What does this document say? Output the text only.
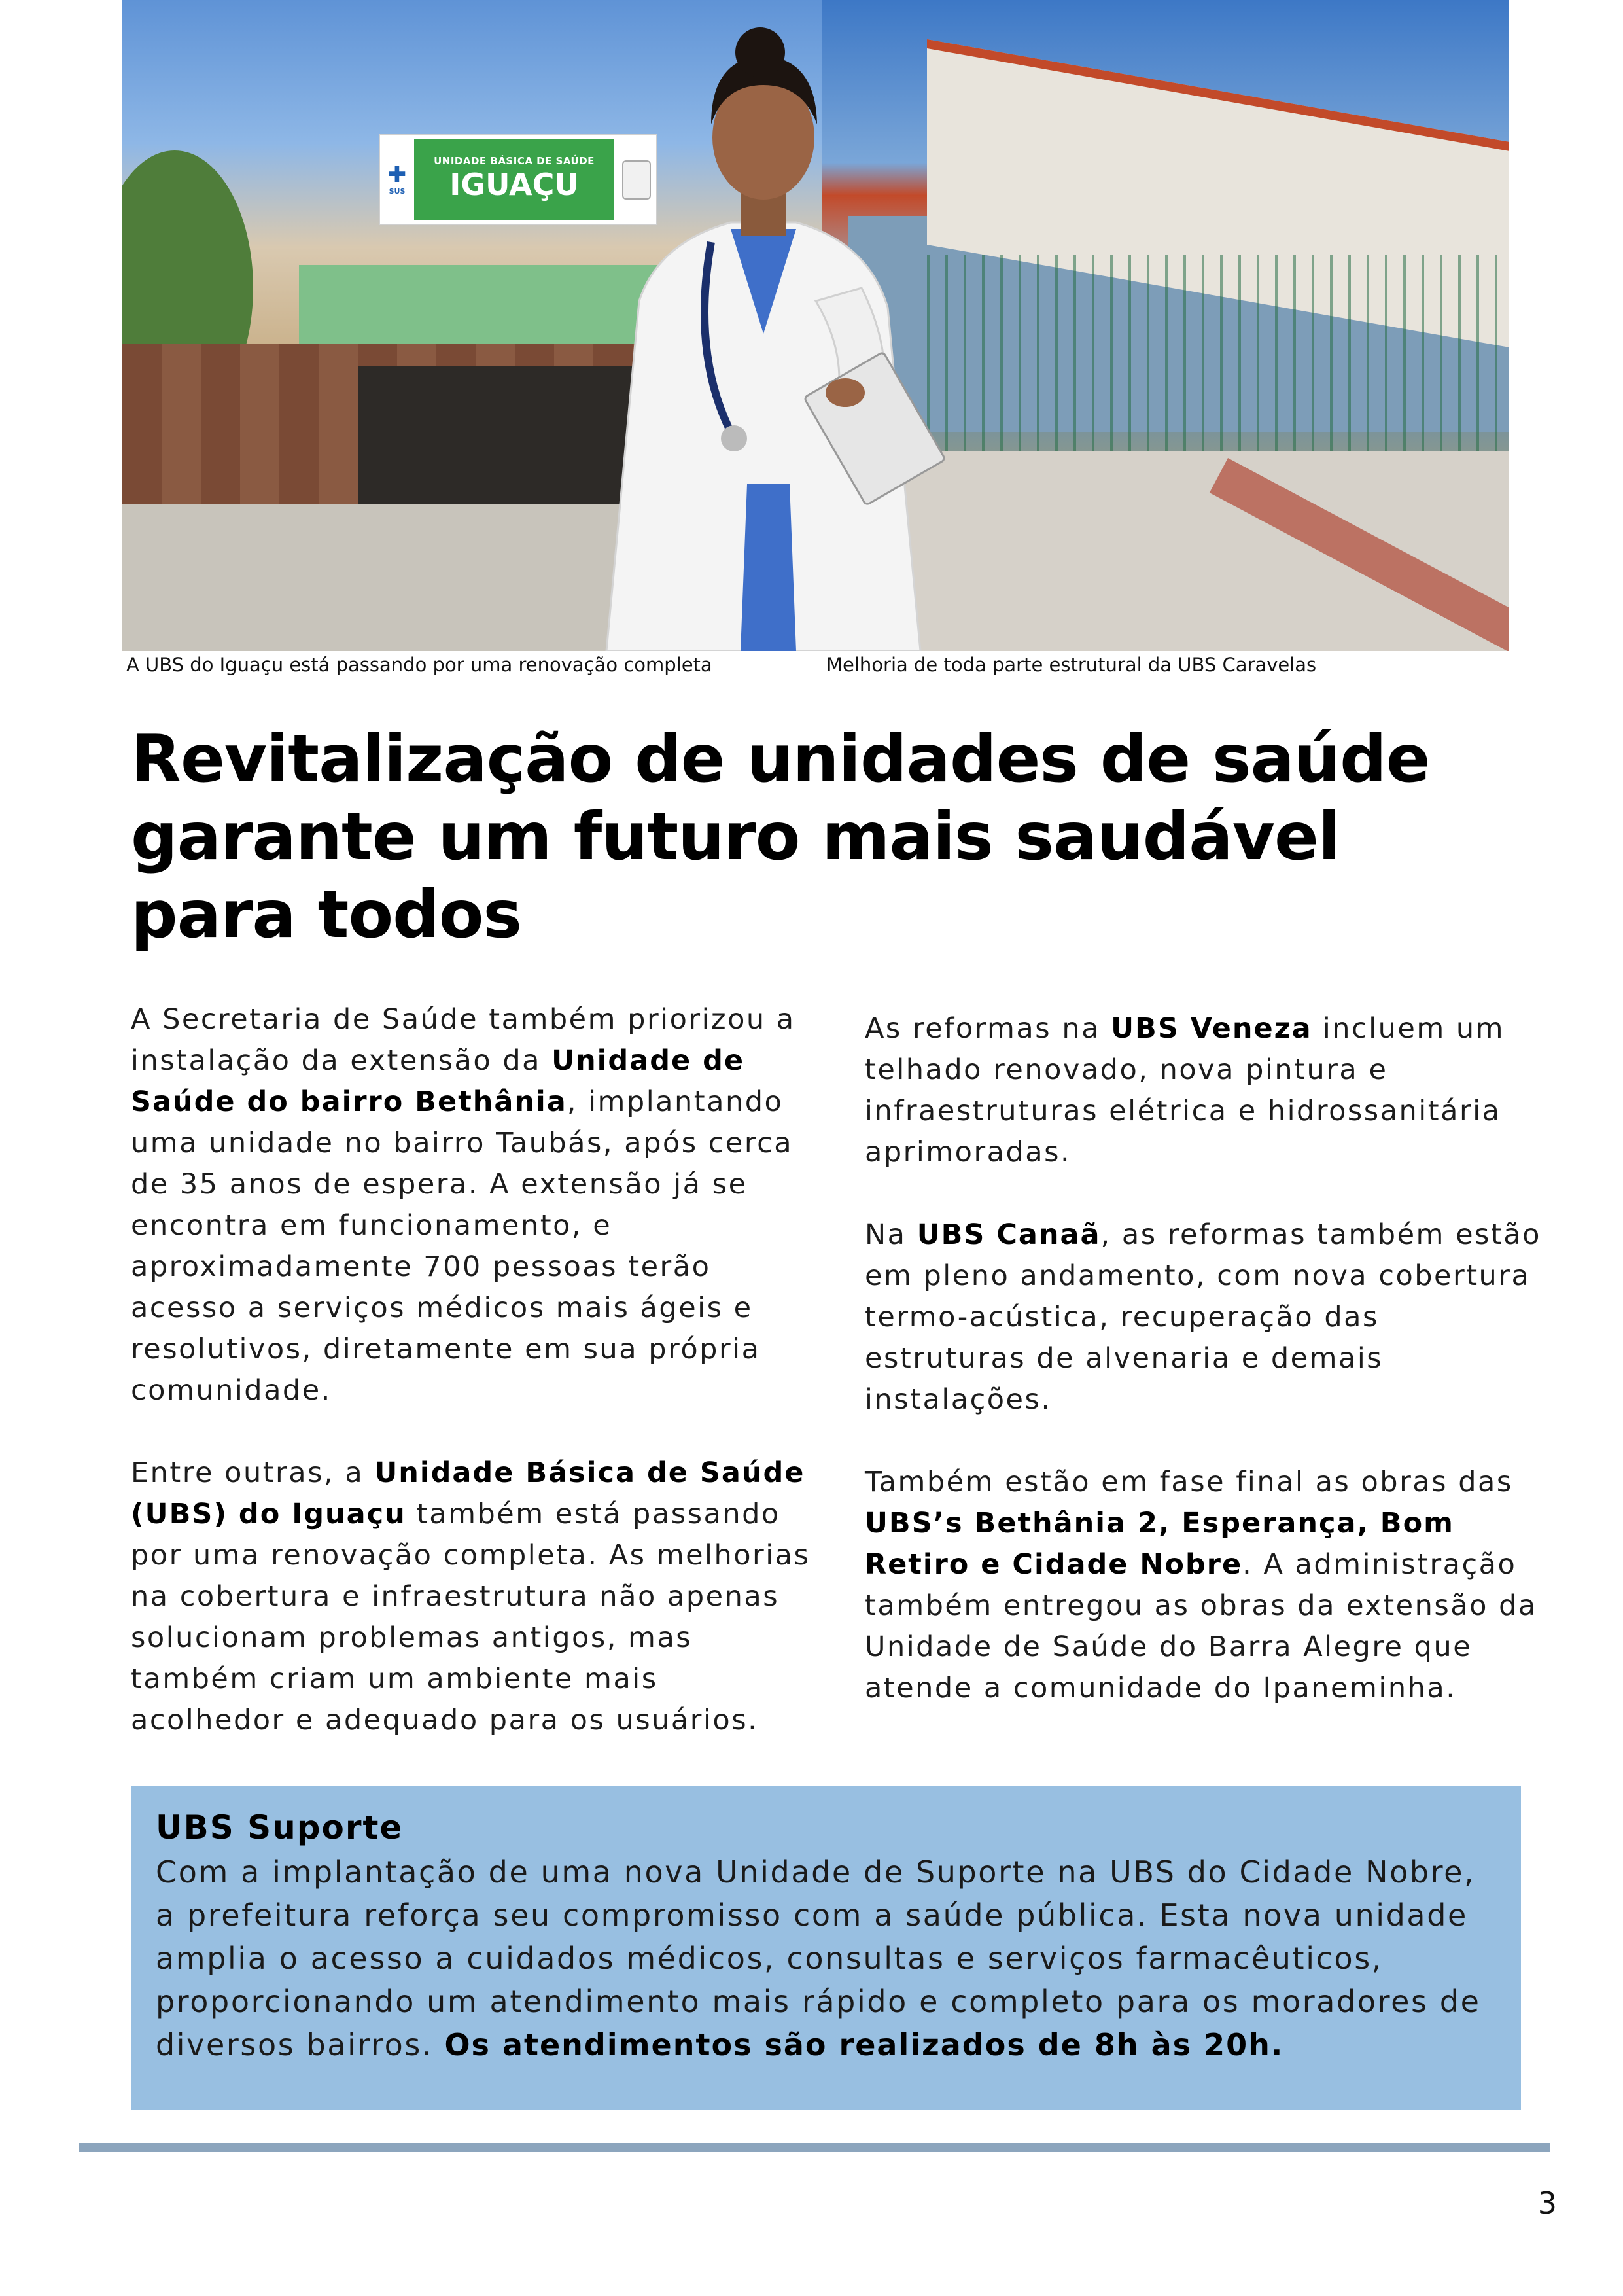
✚
SUS
UNIDADE BÁSICA DE SAÚDE
IGUAÇU
A UBS do Iguaçu está passando por uma renovação completa	Melhoria de toda parte estrutural da UBS Caravelas
Revitalização de unidades de saúde garante um futuro mais saudável para todos

A Secretaria de Saúde também priorizou a instalação da extensão da Unidade de Saúde do bairro Bethânia, implantando uma unidade no bairro Taubás, após cerca de 35 anos de espera. A extensão já se encontra em funcionamento, e aproximadamente 700 pessoas terão acesso a serviços médicos mais ágeis e resolutivos, diretamente em sua própria comunidade.

Entre outras, a Unidade Básica de Saúde (UBS) do Iguaçu também está passando por uma renovação completa. As melhorias na cobertura e infraestrutura não apenas solucionam problemas antigos, mas também criam um ambiente mais acolhedor e adequado para os usuários.

As reformas na UBS Veneza incluem um telhado renovado, nova pintura e infraestruturas elétrica e hidrossanitária aprimoradas.

Na UBS Canaã, as reformas também estão em pleno andamento, com nova cobertura termo-acústica, recuperação das estruturas de alvenaria e demais instalações.

Também estão em fase final as obras das UBS’s Bethânia 2, Esperança, Bom Retiro e Cidade Nobre. A administração também entregou as obras da extensão da Unidade de Saúde do Barra Alegre que atende a comunidade do Ipaneminha.

UBS Suporte

Com a implantação de uma nova Unidade de Suporte na UBS do Cidade Nobre, a prefeitura reforça seu compromisso com a saúde pública. Esta nova unidade amplia o acesso a cuidados médicos, consultas e serviços farmacêuticos, proporcionando um atendimento mais rápido e completo para os moradores de diversos bairros. Os atendimentos são realizados de 8h às 20h.

3
